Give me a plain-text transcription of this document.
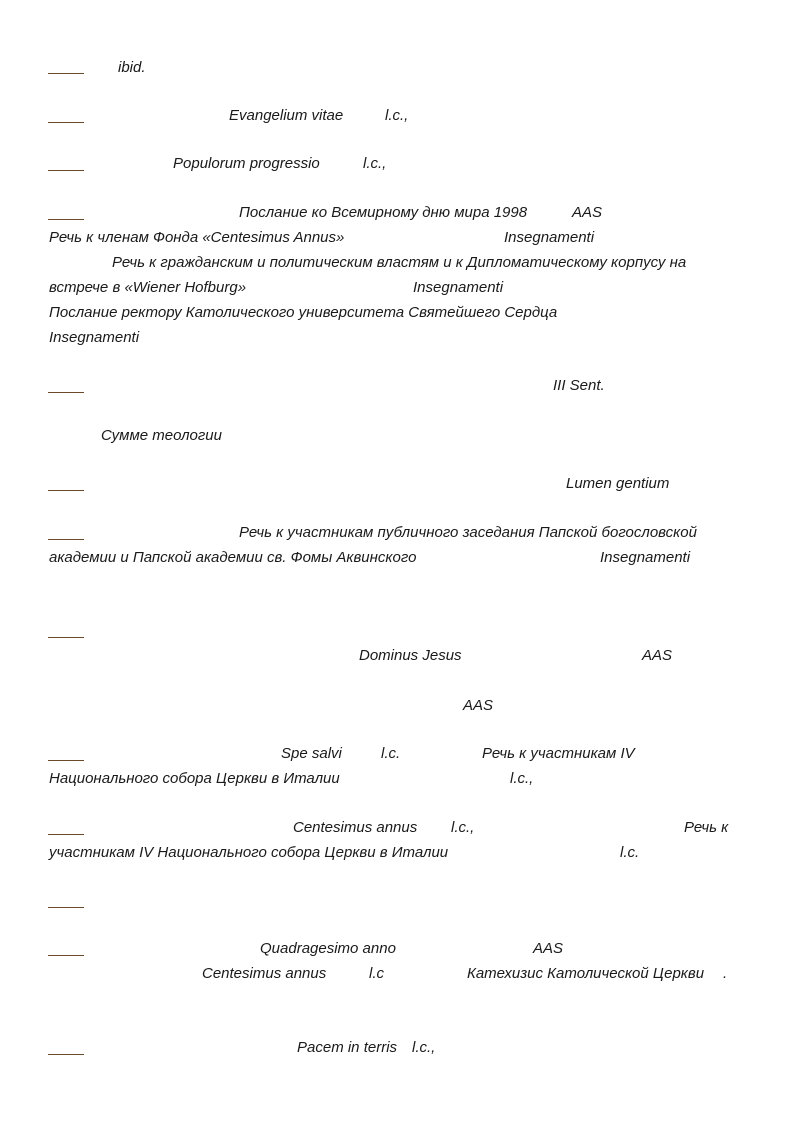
ibid.
Evangelium vitae	l.c.,
Populorum progressio	l.c.,
Послание ко Всемирному дню мира 1998	AAS
Речь к членам Фонда «Centesimus Annus»	Insegnamenti
Речь к гражданским и политическим властям и к Дипломатическому корпусу на
встрече в «Wiener Hofburg»	Insegnamenti
Послание ректору Католического университета Святейшего Сердца
Insegnamenti
III Sent.
Сумме теологии
Lumen gentium
Речь к участникам публичного заседания Папской богословской
академии и Папской академии св. Фомы Аквинского	Insegnamenti
Dominus Jesus	AAS
AAS
Spe salvi	l.c.	Речь к участникам IV
Национального собора Церкви в Италии	l.c.,
Centesimus annus l.c.,	Речь к
участникам IV Национального собора Церкви в Италии	l.c.
Quadragesimo anno	AAS
Centesimus annus	l.c	Катехизис Католической Церкви .
Pacem in terris l.c.,
